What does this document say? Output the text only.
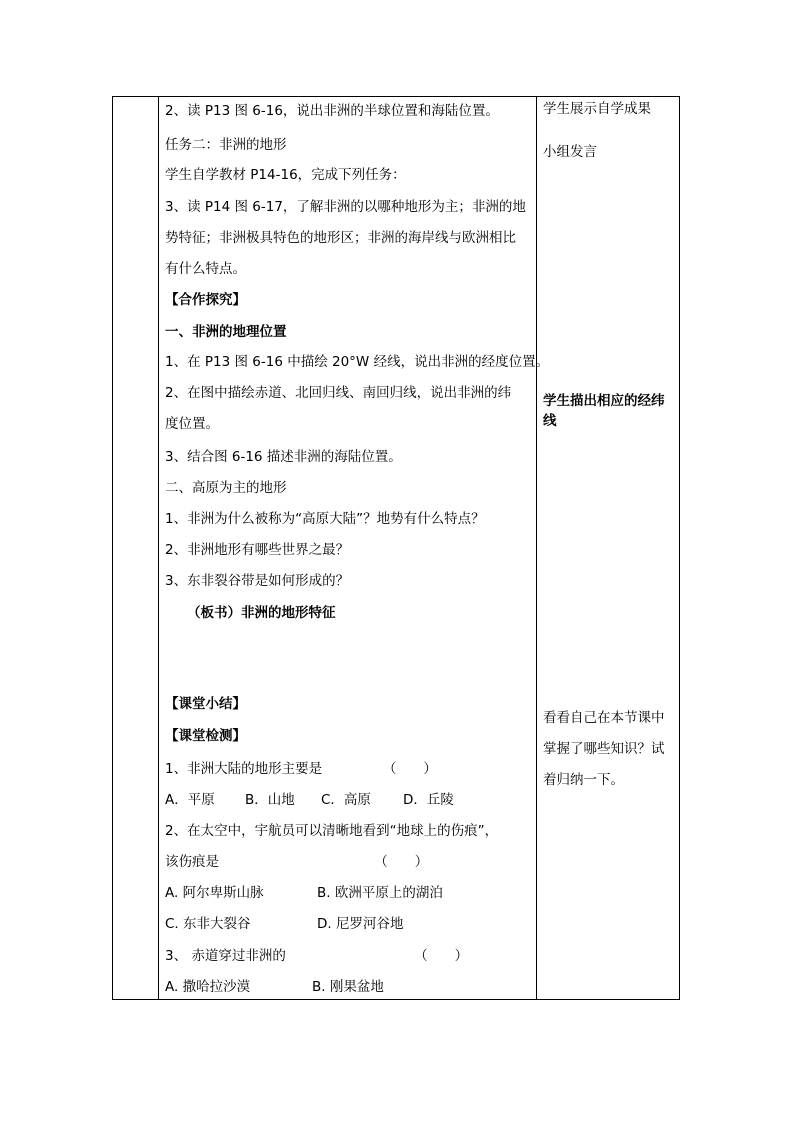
2、读 P13 图 6-16，说出非洲的半球位置和海陆位置。
任务二：非洲的地形
学生自学教材 P14-16，完成下列任务：
3、读 P14 图 6-17，了解非洲的以哪种地形为主；非洲的地
势特征；非洲极具特色的地形区；非洲的海岸线与欧洲相比
有什么特点。
【合作探究】
一、非洲的地理位置
1、在 P13 图 6-16 中描绘 20°W 经线，说出非洲的经度位置。
2、在图中描绘赤道、北回归线、南回归线，说出非洲的纬
度位置。
3、结合图 6-16 描述非洲的海陆位置。
二、高原为主的地形
1、非洲为什么被称为“高原大陆”？地势有什么特点？
2、非洲地形有哪些世界之最？
3、东非裂谷带是如何形成的？
（板书）非洲的地形特征
【课堂小结】
【课堂检测】
1、非洲大陆的地形主要是　　　　　（　　）
A．平原 B．山地 C．高原 D．丘陵
2、在太空中，宇航员可以清晰地看到“地球上的伤痕”，
该伤痕是　　　　　　　　　　　　（　　）
A. 阿尔卑斯山脉	B. 欧洲平原上的湖泊
C. 东非大裂谷	D. 尼罗河谷地
3、 赤道穿过非洲的　　　　　　　　　　（　　）
A. 撒哈拉沙漠	B. 刚果盆地
学生展示自学成果
小组发言
学生描出相应的经纬
线
看看自己在本节课中
掌握了哪些知识？试
着归纳一下。
